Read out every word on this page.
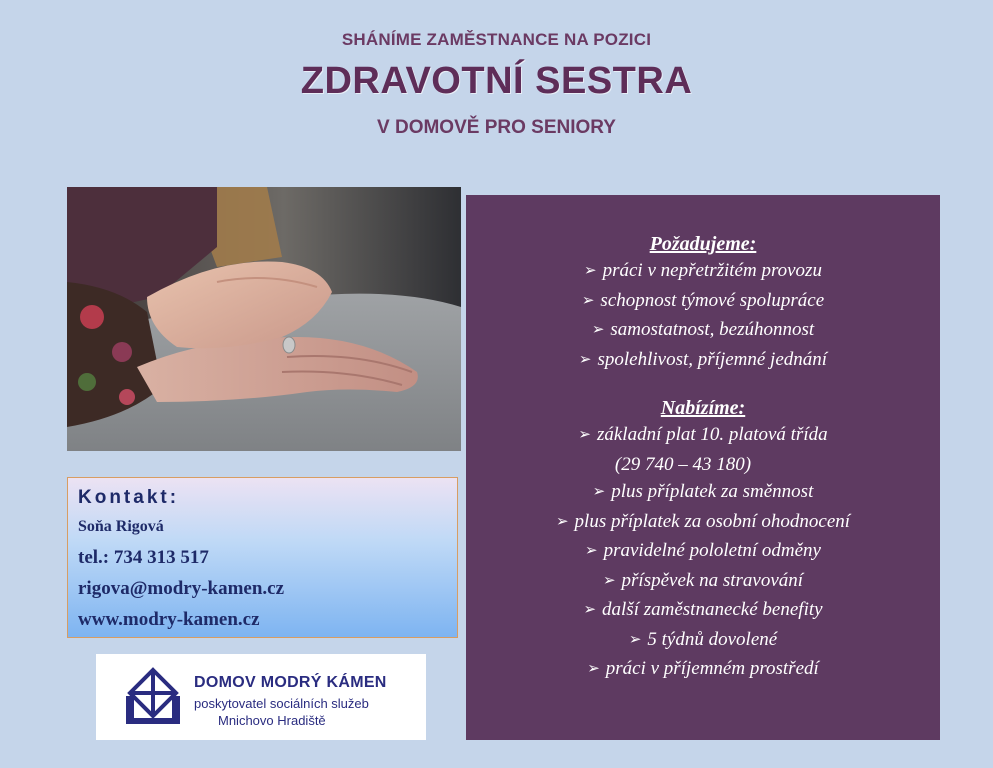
SHÁNÍME ZAMĚSTNANCE NA POZICI
ZDRAVOTNÍ SESTRA
V DOMOVĚ PRO SENIORY
Kontakt:
Soňa Rigová
tel.: 734 313 517
rigova@modry-kamen.cz
www.modry-kamen.cz
DOMOV MODRÝ KÁMEN
poskytovatel sociálních služeb
Mnichovo Hradiště

Požadujeme:

➢ práci v nepřetržitém provozu

➢ schopnost týmové spolupráce

➢ samostatnost, bezúhonnost

➢ spolehlivost, příjemné jednání

Nabízíme:

➢ základní plat 10. platová třída

(29 740 – 43 180)

➢ plus příplatek za směnnost

➢ plus příplatek za osobní ohodnocení

➢ pravidelné pololetní odměny

➢ příspěvek na stravování

➢ další zaměstnanecké benefity

➢ 5 týdnů dovolené

➢ práci v příjemném prostředí
